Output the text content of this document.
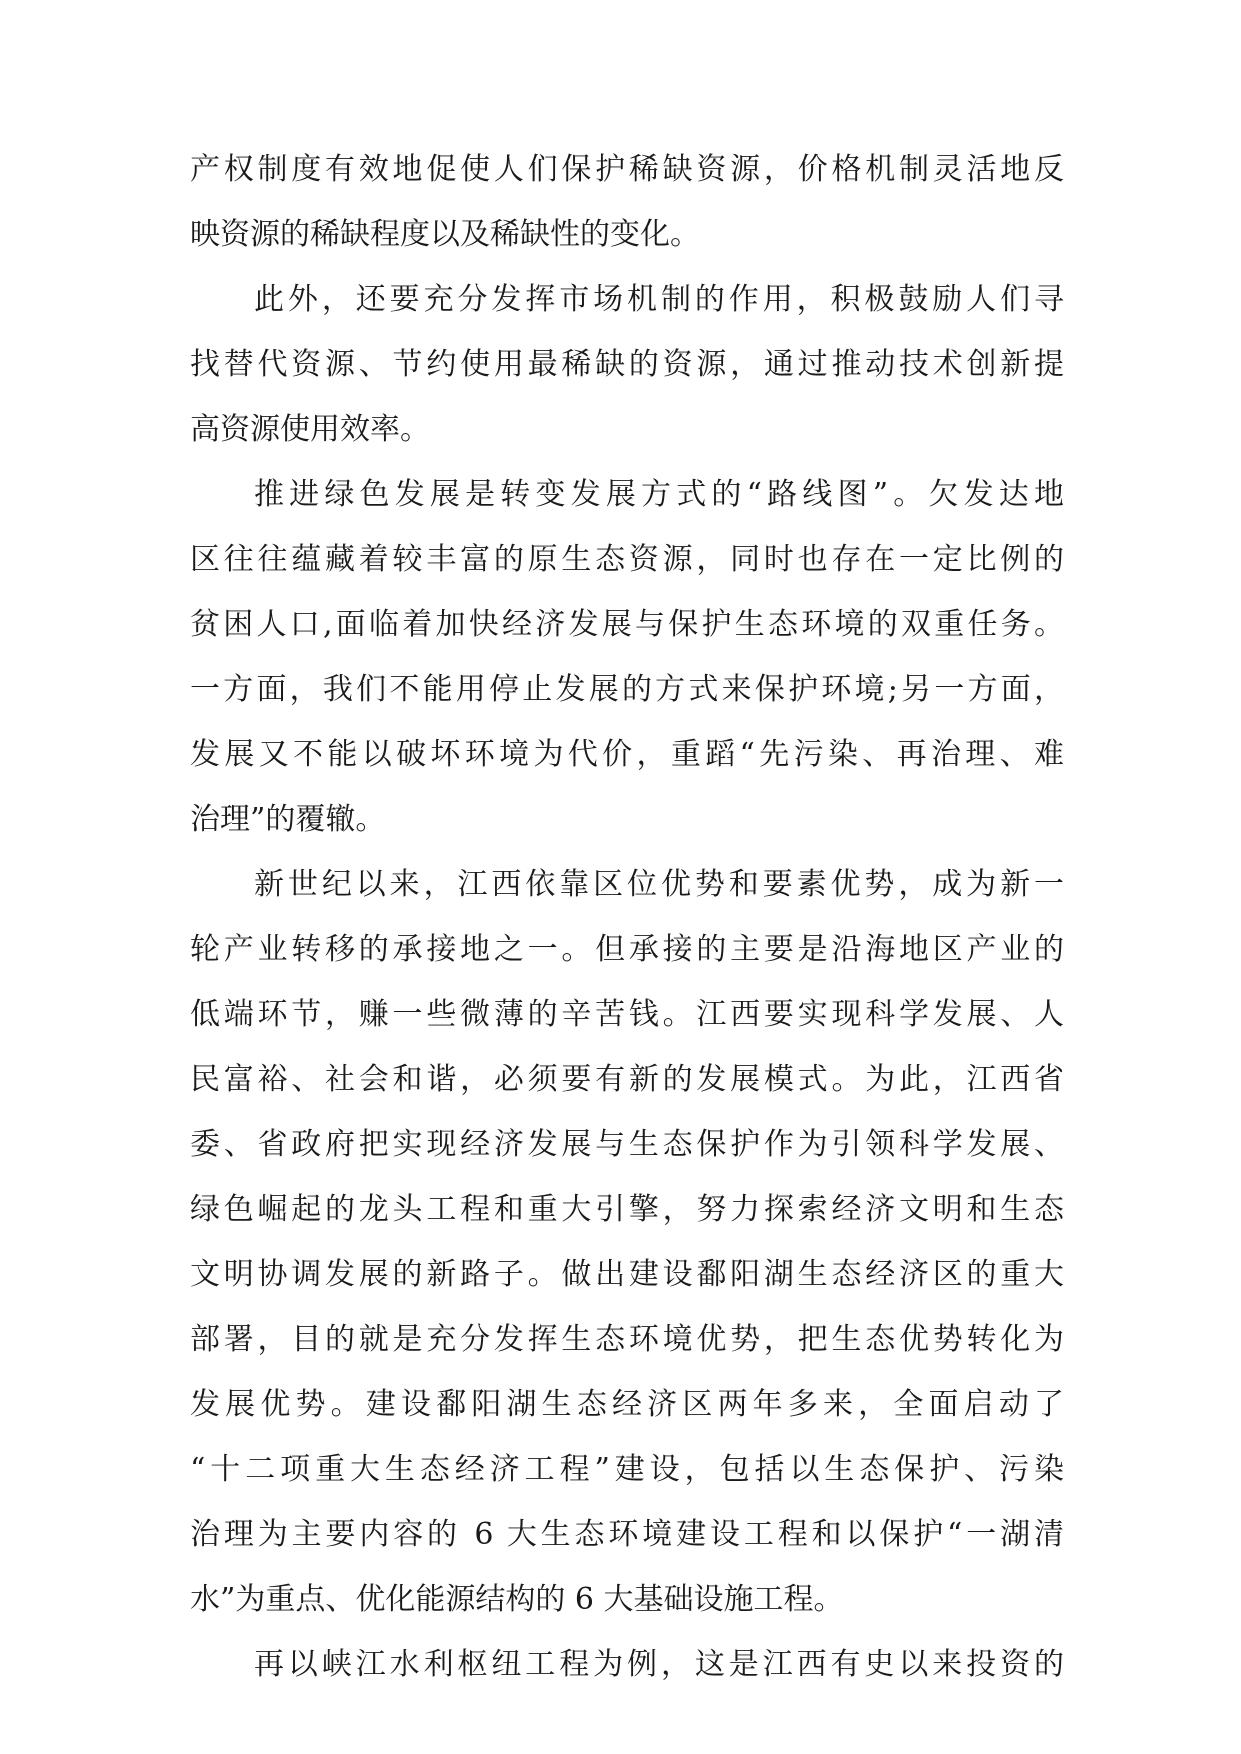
产权制度有效地促使人们保护稀缺资源，价格机制灵活地反
映资源的稀缺程度以及稀缺性的变化。
此外，还要充分发挥市场机制的作用，积极鼓励人们寻
找替代资源、节约使用最稀缺的资源，通过推动技术创新提
高资源使用效率。
推进绿色发展是转变发展方式的“路线图”。欠发达地
区往往蕴藏着较丰富的原生态资源，同时也存在一定比例的
贫困人口,面临着加快经济发展与保护生态环境的双重任务。
一方面，我们不能用停止发展的方式来保护环境;另一方面，
发展又不能以破坏环境为代价，重蹈“先污染、再治理、难
治理”的覆辙。
新世纪以来，江西依靠区位优势和要素优势，成为新一
轮产业转移的承接地之一。但承接的主要是沿海地区产业的
低端环节，赚一些微薄的辛苦钱。江西要实现科学发展、人
民富裕、社会和谐，必须要有新的发展模式。为此，江西省
委、省政府把实现经济发展与生态保护作为引领科学发展、
绿色崛起的龙头工程和重大引擎，努力探索经济文明和生态
文明协调发展的新路子。做出建设鄱阳湖生态经济区的重大
部署，目的就是充分发挥生态环境优势，把生态优势转化为
发展优势。建设鄱阳湖生态经济区两年多来，全面启动了
“十二项重大生态经济工程”建设，包括以生态保护、污染
治理为主要内容的 6 大生态环境建设工程和以保护“一湖清
水”为重点、优化能源结构的 6 大基础设施工程。
再以峡江水利枢纽工程为例，这是江西有史以来投资的
